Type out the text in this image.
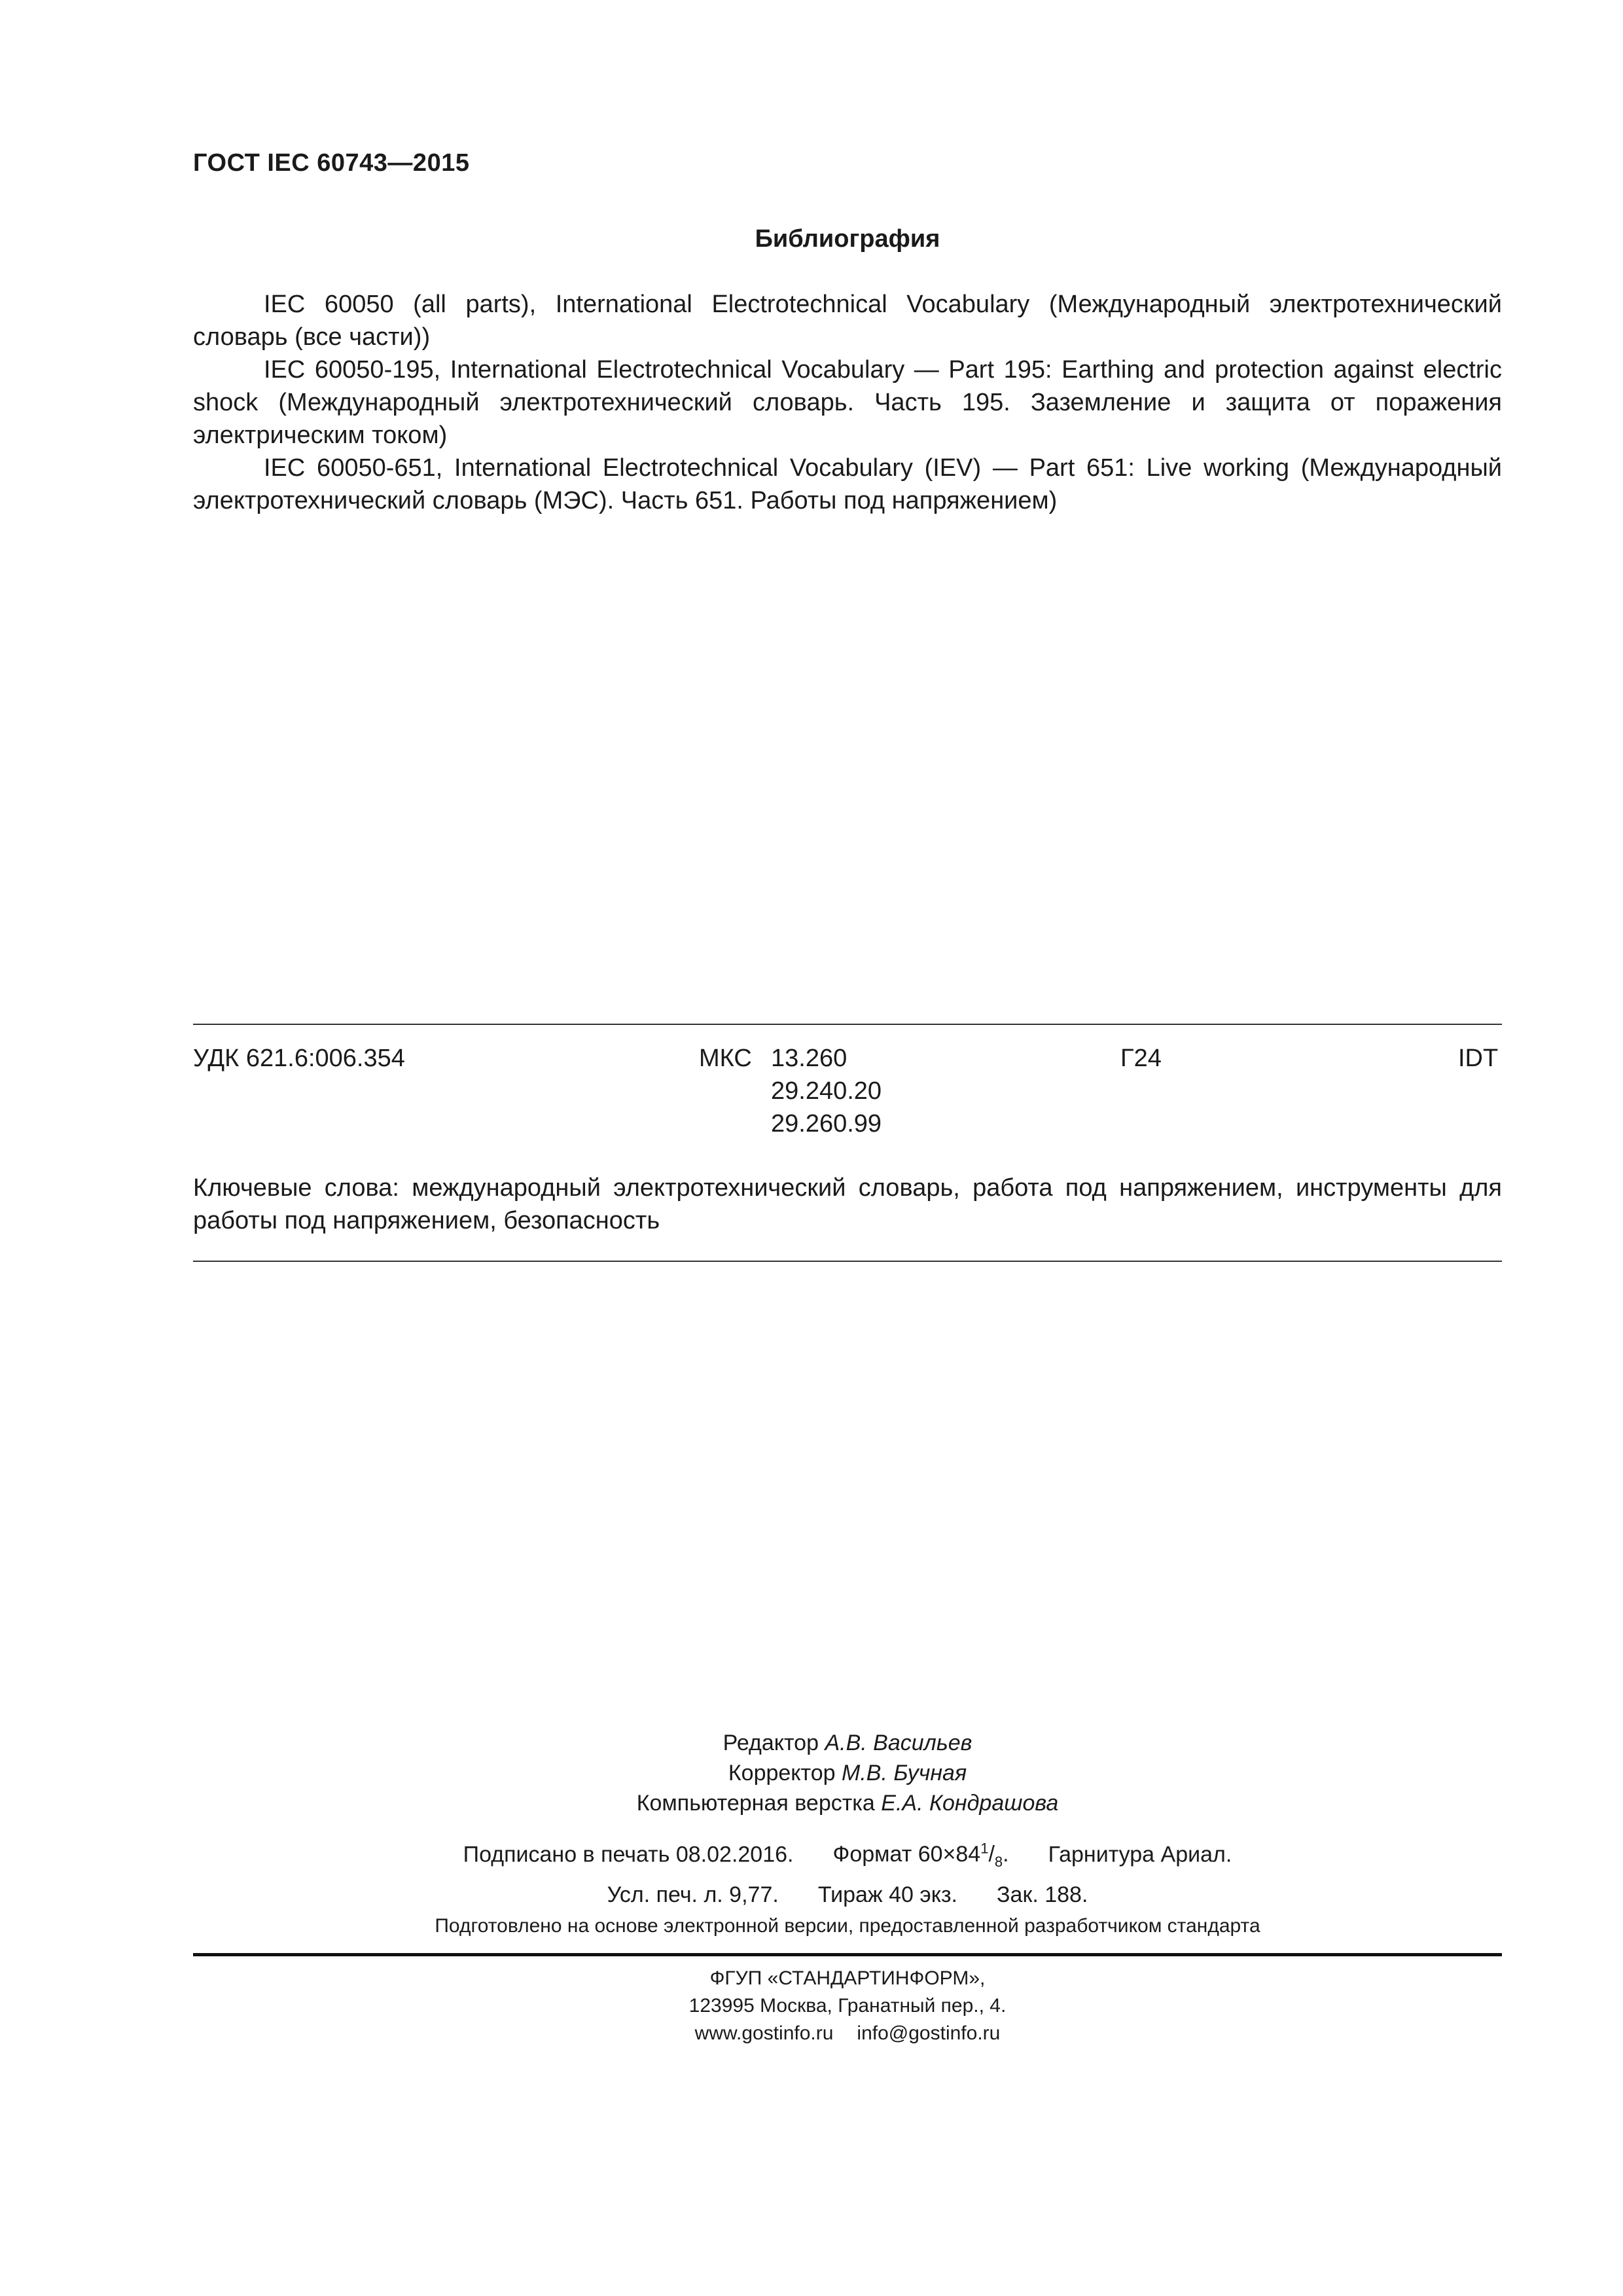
ГОСТ IEC 60743—2015
Библиография

IEC 60050 (all parts), International Electrotechnical Vocabulary (Международный электротехнический словарь (все части))

IEC 60050-195, International Electrotechnical Vocabulary — Part 195: Earthing and protection against electric shock (Международный электротехнический словарь. Часть 195. Заземление и защита от поражения электрическим током)

IEC 60050-651, International Electrotechnical Vocabulary (IEV) — Part 651: Live working (Международный электротехнический словарь (МЭС). Часть 651. Работы под напряжением)

УДК 621.6:006.354	МКС 13.260
29.240.20
29.260.99
Г24	IDT
Ключевые слова: международный электротехнический словарь, работа под напряжением, инструменты для работы под напряжением, безопасность
Редактор А.В. Васильев
Корректор М.В. Бучная
Компьютерная верстка Е.А. Кондрашова
Подписано в печать 08.02.2016. Формат $60\times 84^1/_8$. Гарнитура Ариал.
Усл. печ. л. 9,77. Тираж 40 экз. Зак. 188.
Подготовлено на основе электронной версии, предоставленной разработчиком стандарта
ФГУП «СТАНДАРТИНФОРМ»,
123995 Москва, Гранатный пер., 4.
www.gostinfo.ru info@gostinfo.ru
